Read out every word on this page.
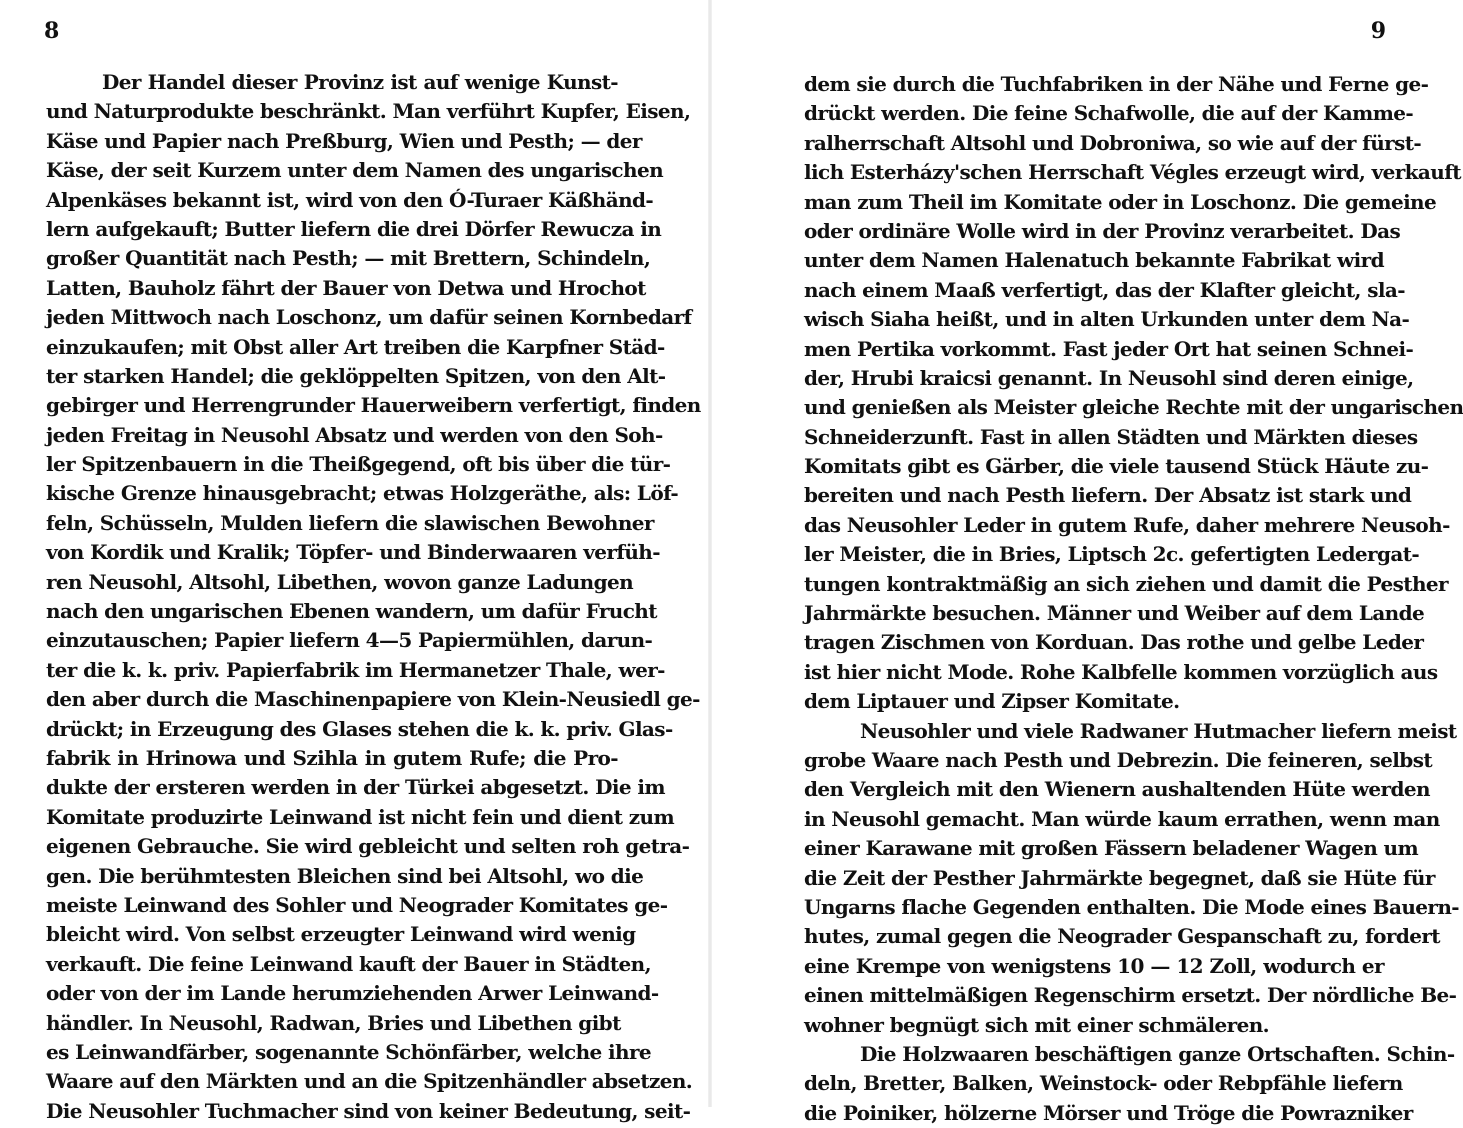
8
Der Handel dieser Provinz ist auf wenige Kunst-
und Naturprodukte beschränkt. Man verführt Kupfer, Eisen,
Käse und Papier nach Preßburg, Wien und Pesth; — der
Käse, der seit Kurzem unter dem Namen des ungarischen
Alpenkäses bekannt ist, wird von den Ó-Turaer Käßhänd-
lern aufgekauft; Butter liefern die drei Dörfer Rewucza in
großer Quantität nach Pesth; — mit Brettern, Schindeln,
Latten, Bauholz fährt der Bauer von Detwa und Hrochot
jeden Mittwoch nach Loschonz, um dafür seinen Kornbedarf
einzukaufen; mit Obst aller Art treiben die Karpfner Städ-
ter starken Handel; die geklöppelten Spitzen, von den Alt-
gebirger und Herrengrunder Hauerweibern verfertigt, finden
jeden Freitag in Neusohl Absatz und werden von den Soh-
ler Spitzenbauern in die Theißgegend, oft bis über die tür-
kische Grenze hinausgebracht; etwas Holzgeräthe, als: Löf-
feln, Schüsseln, Mulden liefern die slawischen Bewohner
von Kordik und Kralik; Töpfer- und Binderwaaren verfüh-
ren Neusohl, Altsohl, Libethen, wovon ganze Ladungen
nach den ungarischen Ebenen wandern, um dafür Frucht
einzutauschen; Papier liefern 4—5 Papiermühlen, darun-
ter die k. k. priv. Papierfabrik im Hermanetzer Thale, wer-
den aber durch die Maschinenpapiere von Klein-Neusiedl ge-
drückt; in Erzeugung des Glases stehen die k. k. priv. Glas-
fabrik in Hrinowa und Szihla in gutem Rufe; die Pro-
dukte der ersteren werden in der Türkei abgesetzt. Die im
Komitate produzirte Leinwand ist nicht fein und dient zum
eigenen Gebrauche. Sie wird gebleicht und selten roh getra-
gen. Die berühmtesten Bleichen sind bei Altsohl, wo die
meiste Leinwand des Sohler und Neograder Komitates ge-
bleicht wird. Von selbst erzeugter Leinwand wird wenig
verkauft. Die feine Leinwand kauft der Bauer in Städten,
oder von der im Lande herumziehenden Arwer Leinwand-
händler. In Neusohl, Radwan, Bries und Libethen gibt
es Leinwandfärber, sogenannte Schönfärber, welche ihre
Waare auf den Märkten und an die Spitzenhändler absetzen.
Die Neusohler Tuchmacher sind von keiner Bedeutung, seit-
9
dem sie durch die Tuchfabriken in der Nähe und Ferne ge-
drückt werden. Die feine Schafwolle, die auf der Kamme-
ralherrschaft Altsohl und Dobroniwa, so wie auf der fürst-
lich Esterházy'schen Herrschaft Végles erzeugt wird, verkauft
man zum Theil im Komitate oder in Loschonz. Die gemeine
oder ordinäre Wolle wird in der Provinz verarbeitet. Das
unter dem Namen Halenatuch bekannte Fabrikat wird
nach einem Maaß verfertigt, das der Klafter gleicht, sla-
wisch Siaha heißt, und in alten Urkunden unter dem Na-
men Pertika vorkommt. Fast jeder Ort hat seinen Schnei-
der, Hrubi kraicsi genannt. In Neusohl sind deren einige,
und genießen als Meister gleiche Rechte mit der ungarischen
Schneiderzunft. Fast in allen Städten und Märkten dieses
Komitats gibt es Gärber, die viele tausend Stück Häute zu-
bereiten und nach Pesth liefern. Der Absatz ist stark und
das Neusohler Leder in gutem Rufe, daher mehrere Neusoh-
ler Meister, die in Bries, Liptsch 2c. gefertigten Ledergat-
tungen kontraktmäßig an sich ziehen und damit die Pesther
Jahrmärkte besuchen. Männer und Weiber auf dem Lande
tragen Zischmen von Korduan. Das rothe und gelbe Leder
ist hier nicht Mode. Rohe Kalbfelle kommen vorzüglich aus
dem Liptauer und Zipser Komitate.
Neusohler und viele Radwaner Hutmacher liefern meist
grobe Waare nach Pesth und Debrezin. Die feineren, selbst
den Vergleich mit den Wienern aushaltenden Hüte werden
in Neusohl gemacht. Man würde kaum errathen, wenn man
einer Karawane mit großen Fässern beladener Wagen um
die Zeit der Pesther Jahrmärkte begegnet, daß sie Hüte für
Ungarns flache Gegenden enthalten. Die Mode eines Bauern-
hutes, zumal gegen die Neograder Gespanschaft zu, fordert
eine Krempe von wenigstens 10 — 12 Zoll, wodurch er
einen mittelmäßigen Regenschirm ersetzt. Der nördliche Be-
wohner begnügt sich mit einer schmäleren.
Die Holzwaaren beschäftigen ganze Ortschaften. Schin-
deln, Bretter, Balken, Weinstock- oder Rebpfähle liefern
die Poiniker, hölzerne Mörser und Tröge die Powrazniker
